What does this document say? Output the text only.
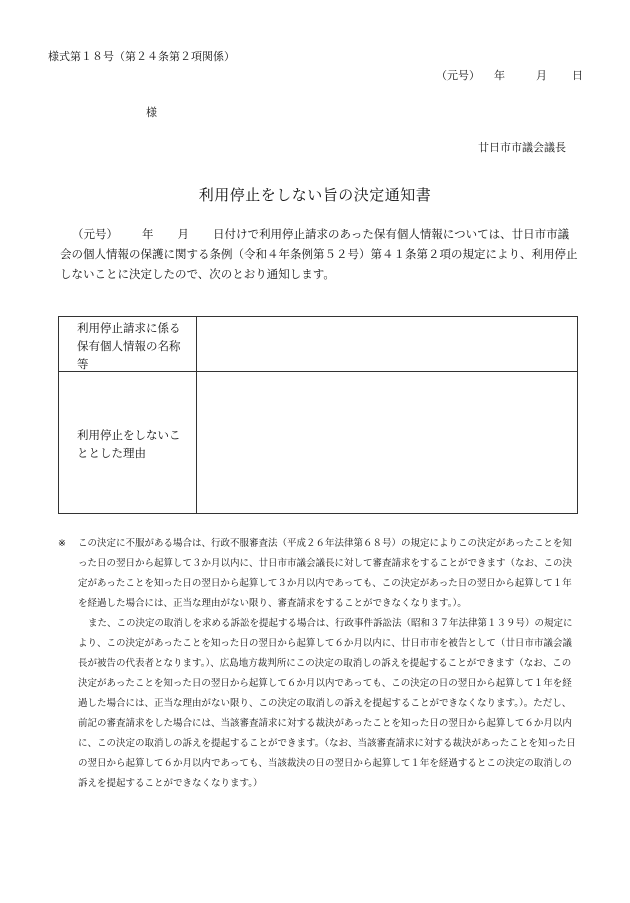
様式第１８号（第２４条第２項関係）
（元号） 年	月 日
様
廿日市市議会議長
利用停止をしない旨の決定通知書
（元号） 年 月 日付けで利用停止請求のあった保有個人情報については、廿日市市議会の個人情報の保護に関する条例（令和４年条例第５２号）第４１条第２項の規定により、利用停止しないことに決定したので、次のとおり通知します。
利用停止請求に係る保有個人情報の名称等
利用停止をしないこととした理由
※	この決定に不服がある場合は、行政不服審査法（平成２６年法律第６８号）の規定によりこの決定があったことを知った日の翌日から起算して３か月以内に、廿日市市議会議長に対して審査請求をすることができます（なお、この決定があったことを知った日の翌日から起算して３か月以内であっても、この決定があった日の翌日から起算して１年を経過した場合には、正当な理由がない限り、審査請求をすることができなくなります。）。
また、この決定の取消しを求める訴訟を提起する場合は、行政事件訴訟法（昭和３７年法律第１３９号）の規定により、この決定があったことを知った日の翌日から起算して６か月以内に、廿日市市を被告として（廿日市市議会議長が被告の代表者となります。）、広島地方裁判所にこの決定の取消しの訴えを提起することができます（なお、この決定があったことを知った日の翌日から起算して６か月以内であっても、この決定の日の翌日から起算して１年を経過した場合には、正当な理由がない限り、この決定の取消しの訴えを提起することができなくなります。）。ただし、前記の審査請求をした場合には、当該審査請求に対する裁決があったことを知った日の翌日から起算して６か月以内に、この決定の取消しの訴えを提起することができます。（なお、当該審査請求に対する裁決があったことを知った日の翌日から起算して６か月以内であっても、当該裁決の日の翌日から起算して１年を経過するとこの決定の取消しの訴えを提起することができなくなります。）
